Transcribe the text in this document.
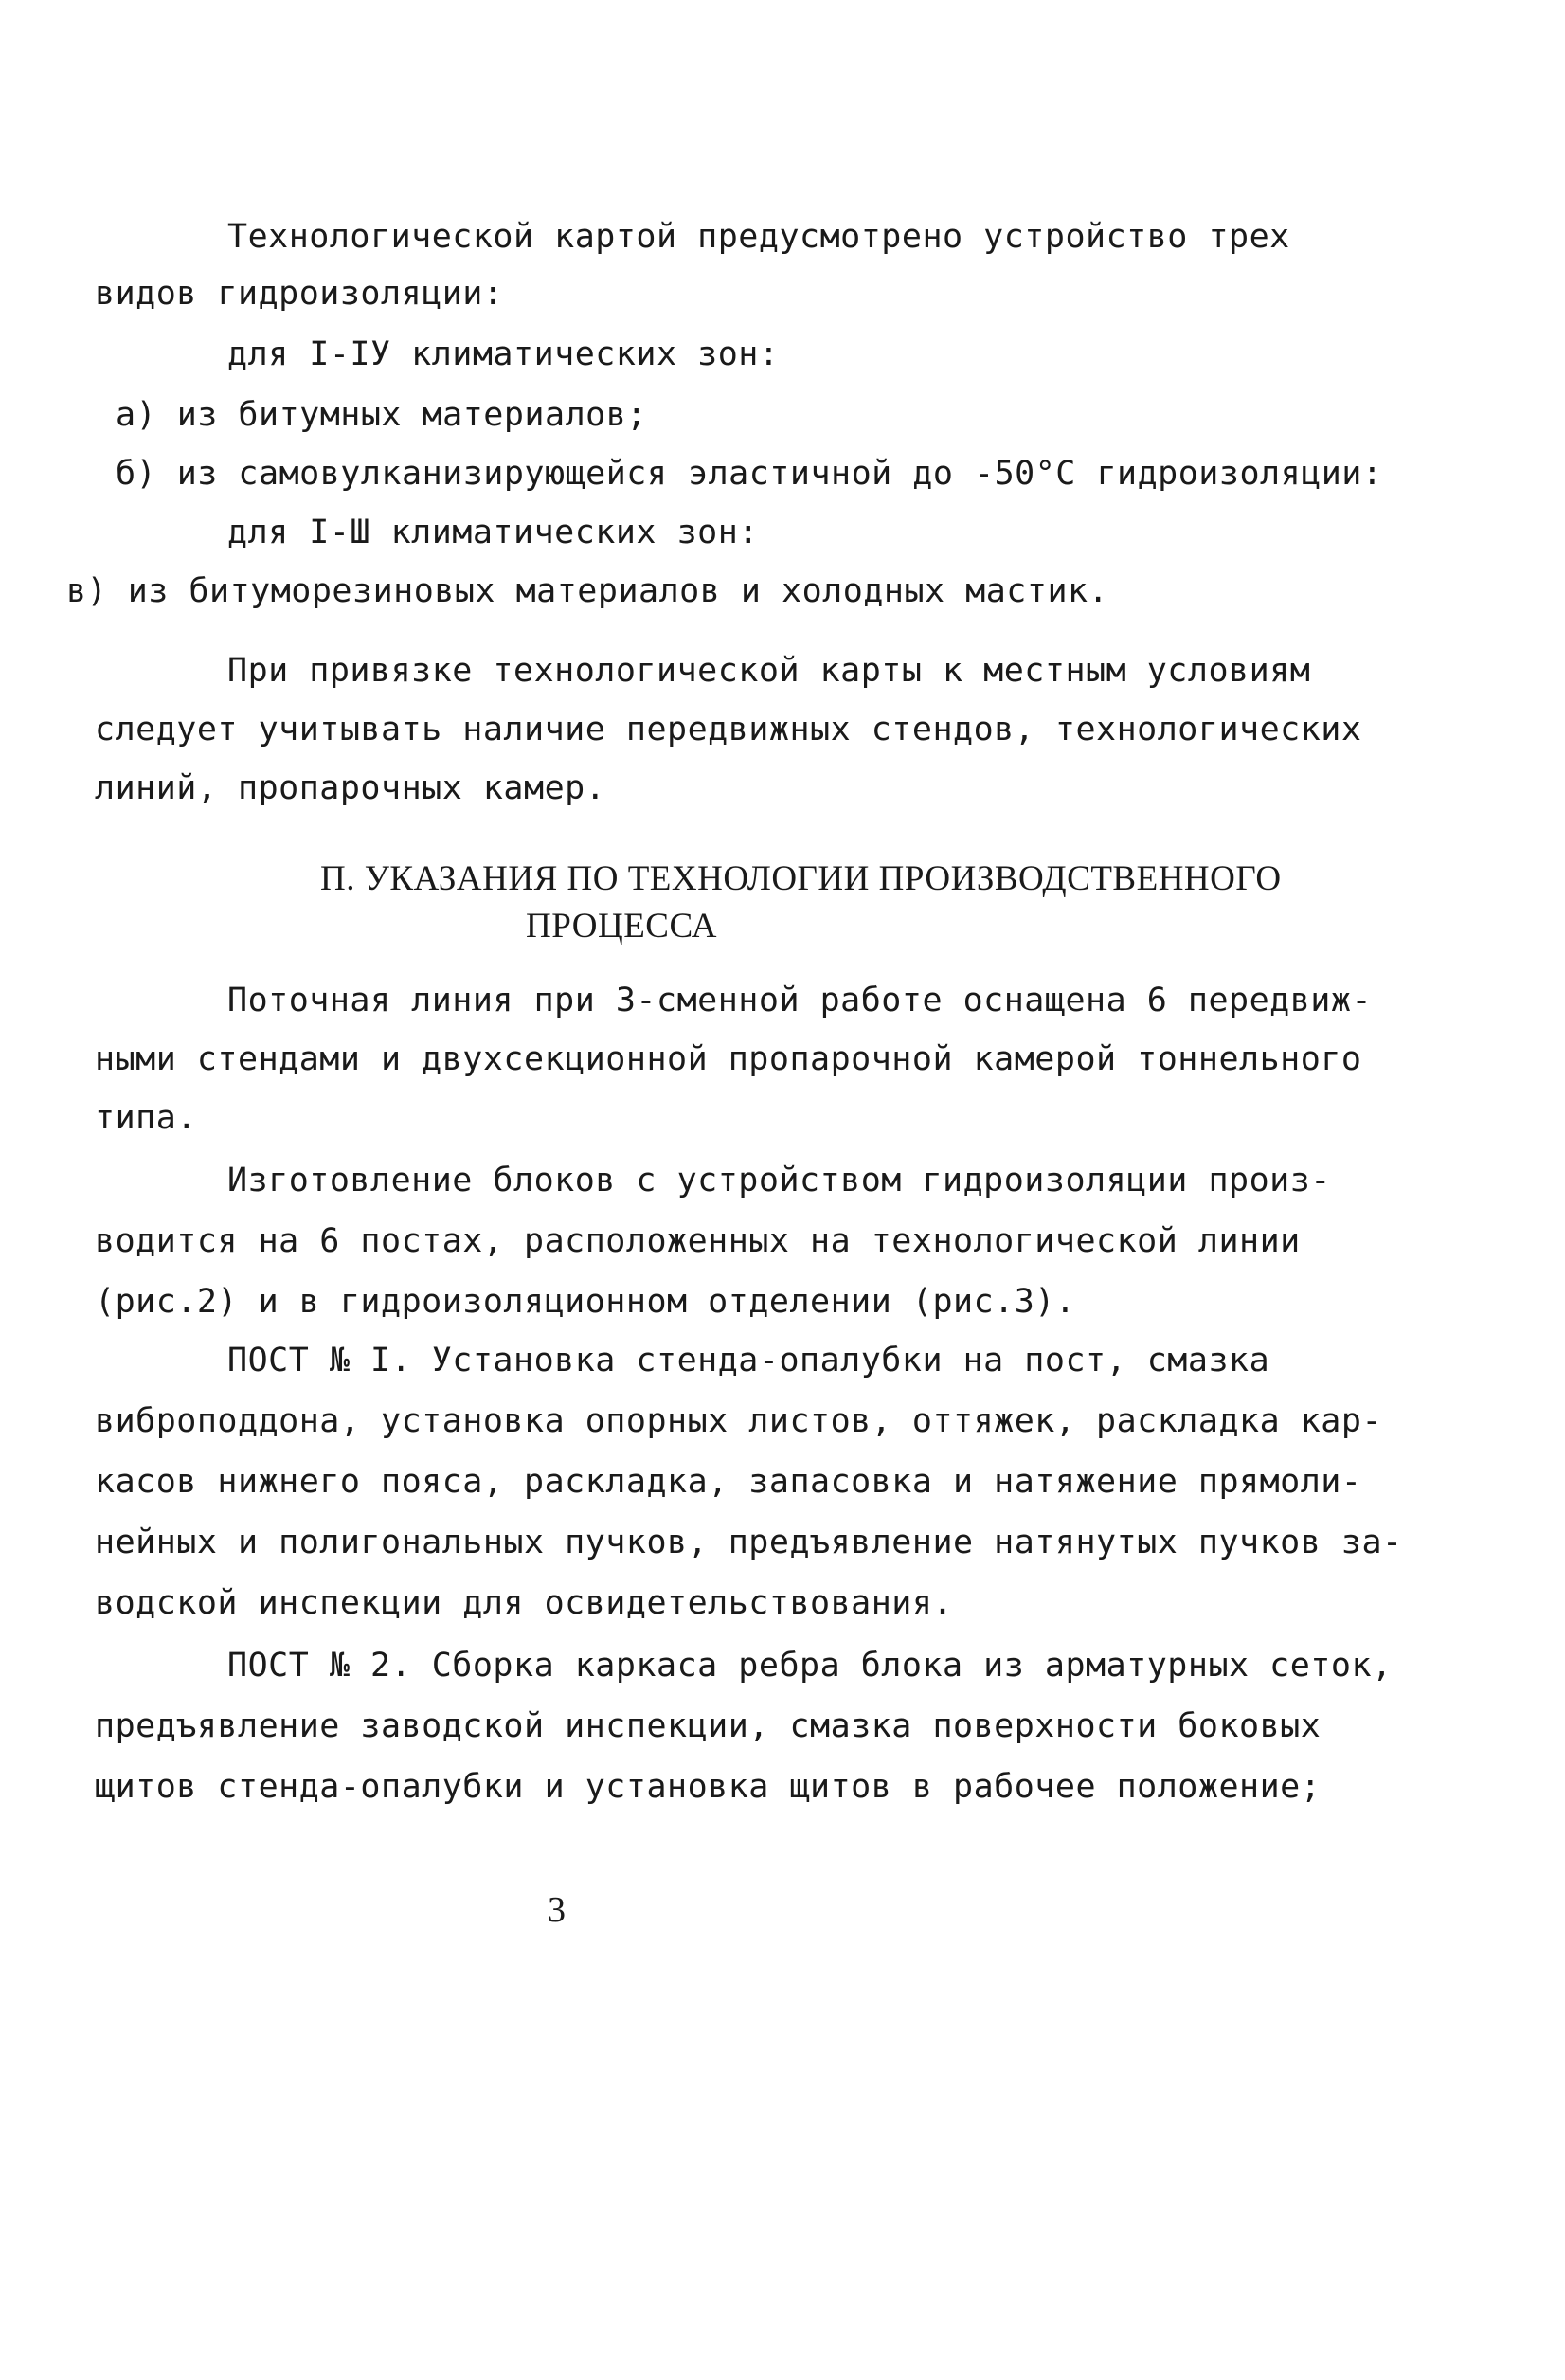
Технологической картой предусмотрено устройство трех
видов гидроизоляции:
для I-IУ климатических зон:
а) из битумных материалов;
б) из самовулканизирующейся эластичной до -50°С гидроизоляции:
для I-Ш климатических зон:
в) из битуморезиновых материалов и холодных мастик.
При привязке технологической карты к местным условиям
следует учитывать наличие передвижных стендов, технологических
линий, пропарочных камер.
П. УКАЗАНИЯ ПО ТЕХНОЛОГИИ ПРОИЗВОДСТВЕННОГО
ПРОЦЕССА
Поточная линия при 3-сменной работе оснащена 6 передвиж-
ными стендами и двухсекционной пропарочной камерой тоннельного
типа.
Изготовление блоков с устройством гидроизоляции произ-
водится на 6 постах, расположенных на технологической линии
(рис.2) и в гидроизоляционном отделении (рис.3).
ПОСТ № I. Установка стенда-опалубки на пост, смазка
виброподдона, установка опорных листов, оттяжек, раскладка кар-
касов нижнего пояса, раскладка, запасовка и натяжение прямоли-
нейных и полигональных пучков, предъявление натянутых пучков за-
водской инспекции для освидетельствования.
ПОСТ № 2. Сборка каркаса ребра блока из арматурных сеток,
предъявление заводской инспекции, смазка поверхности боковых
щитов стенда-опалубки и установка щитов в рабочее положение;
3
